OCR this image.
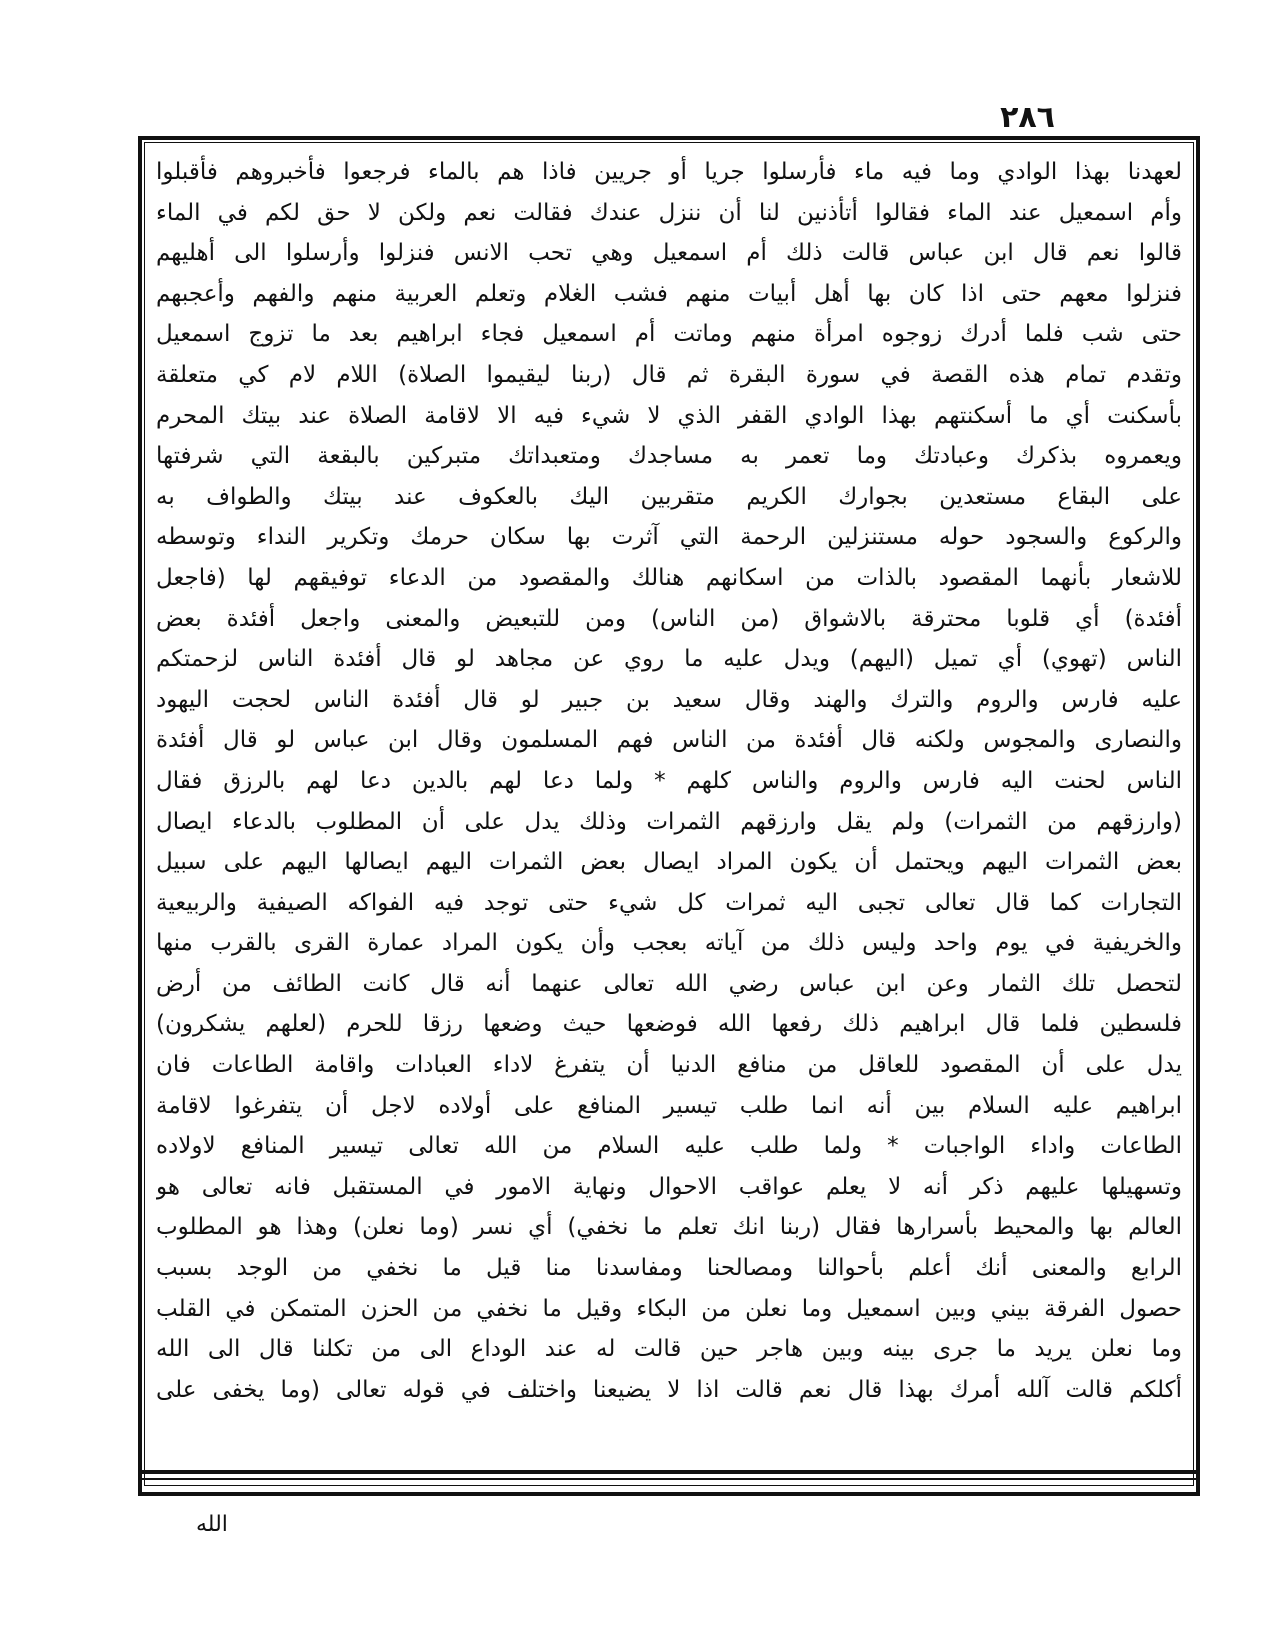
٢٨٦
لعهدنا بهذا الوادي وما فيه ماء فأرسلوا جريا أو جريين فاذا هم بالماء فرجعوا فأخبروهم فأقبلوا
وأم اسمعيل عند الماء فقالوا أتأذنين لنا أن ننزل عندك فقالت نعم ولكن لا حق لكم في الماء
قالوا نعم قال ابن عباس قالت ذلك أم اسمعيل وهي تحب الانس فنزلوا وأرسلوا الى أهليهم
فنزلوا معهم حتى اذا كان بها أهل أبيات منهم فشب الغلام وتعلم العربية منهم والفهم وأعجبهم
حتى شب فلما أدرك زوجوه امرأة منهم وماتت أم اسمعيل فجاء ابراهيم بعد ما تزوج اسمعيل
وتقدم تمام هذه القصة في سورة البقرة ثم قال (ربنا ليقيموا الصلاة) اللام لام كي متعلقة
بأسكنت أي ما أسكنتهم بهذا الوادي القفر الذي لا شيء فيه الا لاقامة الصلاة عند بيتك المحرم
ويعمروه بذكرك وعبادتك وما تعمر به مساجدك ومتعبداتك متبركين بالبقعة التي شرفتها
على البقاع مستعدين بجوارك الكريم متقربين اليك بالعكوف عند بيتك والطواف به
والركوع والسجود حوله مستنزلين الرحمة التي آثرت بها سكان حرمك وتكرير النداء وتوسطه
للاشعار بأنهما المقصود بالذات من اسكانهم هنالك والمقصود من الدعاء توفيقهم لها (فاجعل
أفئدة) أي قلوبا محترقة بالاشواق (من الناس) ومن للتبعيض والمعنى واجعل أفئدة بعض
الناس (تهوي) أي تميل (اليهم) ويدل عليه ما روي عن مجاهد لو قال أفئدة الناس لزحمتكم
عليه فارس والروم والترك والهند وقال سعيد بن جبير لو قال أفئدة الناس لحجت اليهود
والنصارى والمجوس ولكنه قال أفئدة من الناس فهم المسلمون وقال ابن عباس لو قال أفئدة
الناس لحنت اليه فارس والروم والناس كلهم * ولما دعا لهم بالدين دعا لهم بالرزق فقال
(وارزقهم من الثمرات) ولم يقل وارزقهم الثمرات وذلك يدل على أن المطلوب بالدعاء ايصال
بعض الثمرات اليهم ويحتمل أن يكون المراد ايصال بعض الثمرات اليهم ايصالها اليهم على سبيل
التجارات كما قال تعالى تجبى اليه ثمرات كل شيء حتى توجد فيه الفواكه الصيفية والربيعية
والخريفية في يوم واحد وليس ذلك من آياته بعجب وأن يكون المراد عمارة القرى بالقرب منها
لتحصل تلك الثمار وعن ابن عباس رضي الله تعالى عنهما أنه قال كانت الطائف من أرض
فلسطين فلما قال ابراهيم ذلك رفعها الله فوضعها حيث وضعها رزقا للحرم (لعلهم يشكرون)
يدل على أن المقصود للعاقل من منافع الدنيا أن يتفرغ لاداء العبادات واقامة الطاعات فان
ابراهيم عليه السلام بين أنه انما طلب تيسير المنافع على أولاده لاجل أن يتفرغوا لاقامة
الطاعات واداء الواجبات * ولما طلب عليه السلام من الله تعالى تيسير المنافع لاولاده
وتسهيلها عليهم ذكر أنه لا يعلم عواقب الاحوال ونهاية الامور في المستقبل فانه تعالى هو
العالم بها والمحيط بأسرارها فقال (ربنا انك تعلم ما نخفي) أي نسر (وما نعلن) وهذا هو المطلوب
الرابع والمعنى أنك أعلم بأحوالنا ومصالحنا ومفاسدنا منا قيل ما نخفي من الوجد بسبب
حصول الفرقة بيني وبين اسمعيل وما نعلن من البكاء وقيل ما نخفي من الحزن المتمكن في القلب
وما نعلن يريد ما جرى بينه وبين هاجر حين قالت له عند الوداع الى من تكلنا قال الى الله
أكلكم قالت آلله أمرك بهذا قال نعم قالت اذا لا يضيعنا واختلف في قوله تعالى (وما يخفى على
الله
